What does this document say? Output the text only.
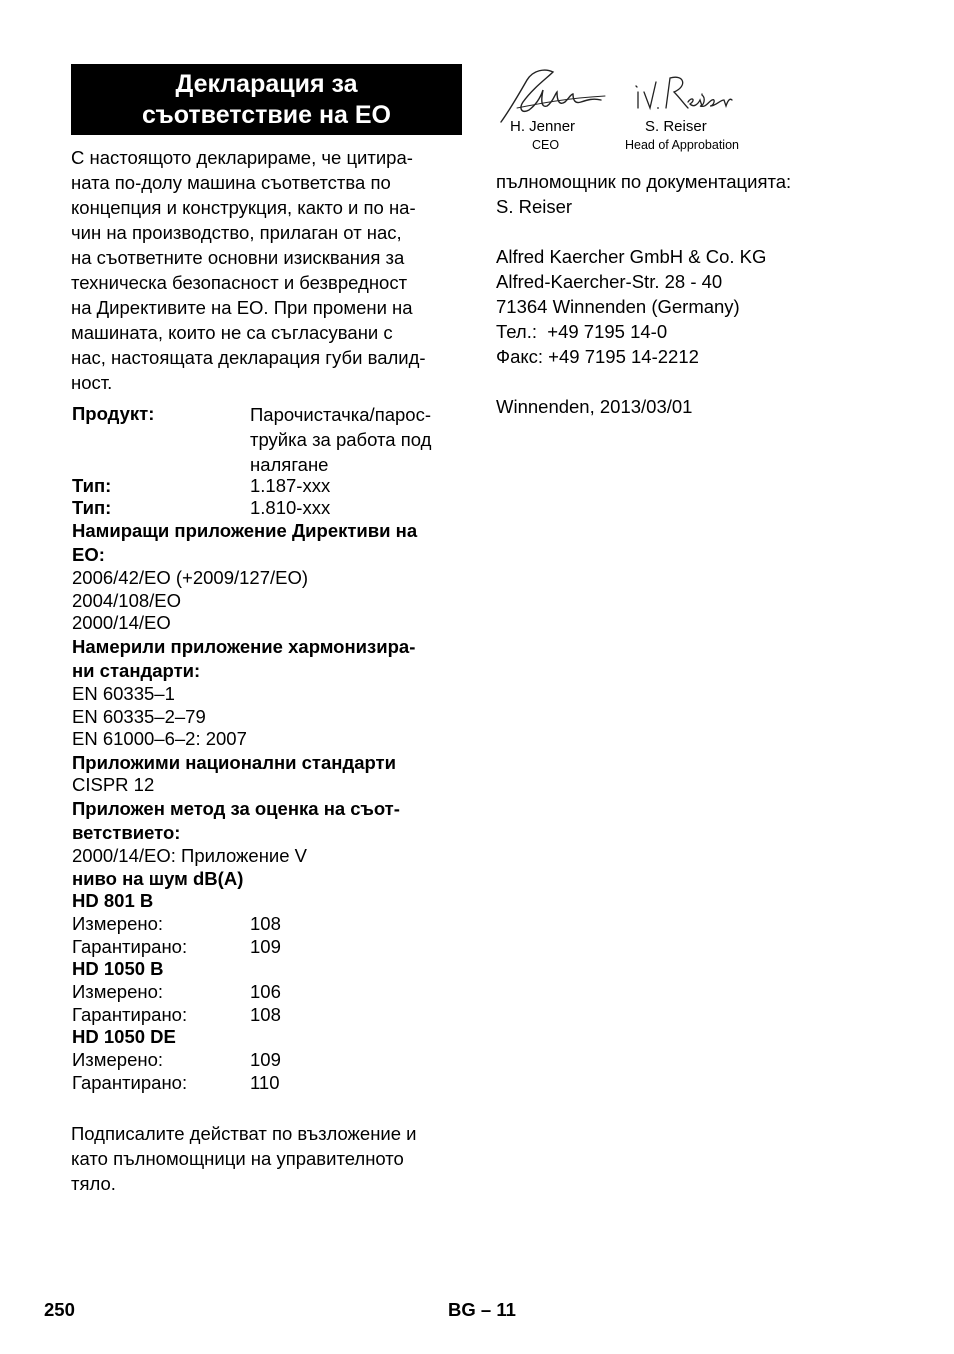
Декларация за
съответствие на ЕО
С настоящото декларираме, че цитира-
ната по-долу машина съответства по
концепция и конструкция, както и по на-
чин на производство, прилаган от нас,
на съответните основни изисквания за
техническа безопасност и безвредност
на Директивите на ЕО. При промени на
машината, които не са съгласувани с
нас, настоящата декларация губи валид-
ност.
Продукт:	Парочистачка/парос-
труйка за работа под
налягане
Тип:	1.187-xxx
Тип:	1.810-xxx
Намиращи приложение Директиви на
ЕО:
2006/42/ЕО (+2009/127/ЕО)
2004/108/ЕО
2000/14/ЕО
Намерили приложение хармонизира-
ни стандарти:
EN 60335–1
EN 60335–2–79
EN 61000–6–2: 2007
Приложими национални стандарти
CISPR 12
Приложен метод за оценка на съот-
ветствието:
2000/14/ЕО: Приложение V
ниво на шум dB(A)
HD 801 B
Измерено:	108
Гарантирано:	109
HD 1050 B
Измерено:	106
Гарантирано:	108
HD 1050 DE
Измерено:	109
Гарантирано:	110
Подписалите действат по възложение и
като пълномощници на управителното
тяло.
H. Jenner
CEO
S. Reiser
Head of Approbation
пълномощник по документацията:
S. Reiser
Alfred Kaercher GmbH & Co. KG
Alfred-Kaercher-Str. 28 - 40
71364 Winnenden (Germany)
Тел.:  +49 7195 14-0
Факс: +49 7195 14-2212
Winnenden, 2013/03/01
250	BG – 11
